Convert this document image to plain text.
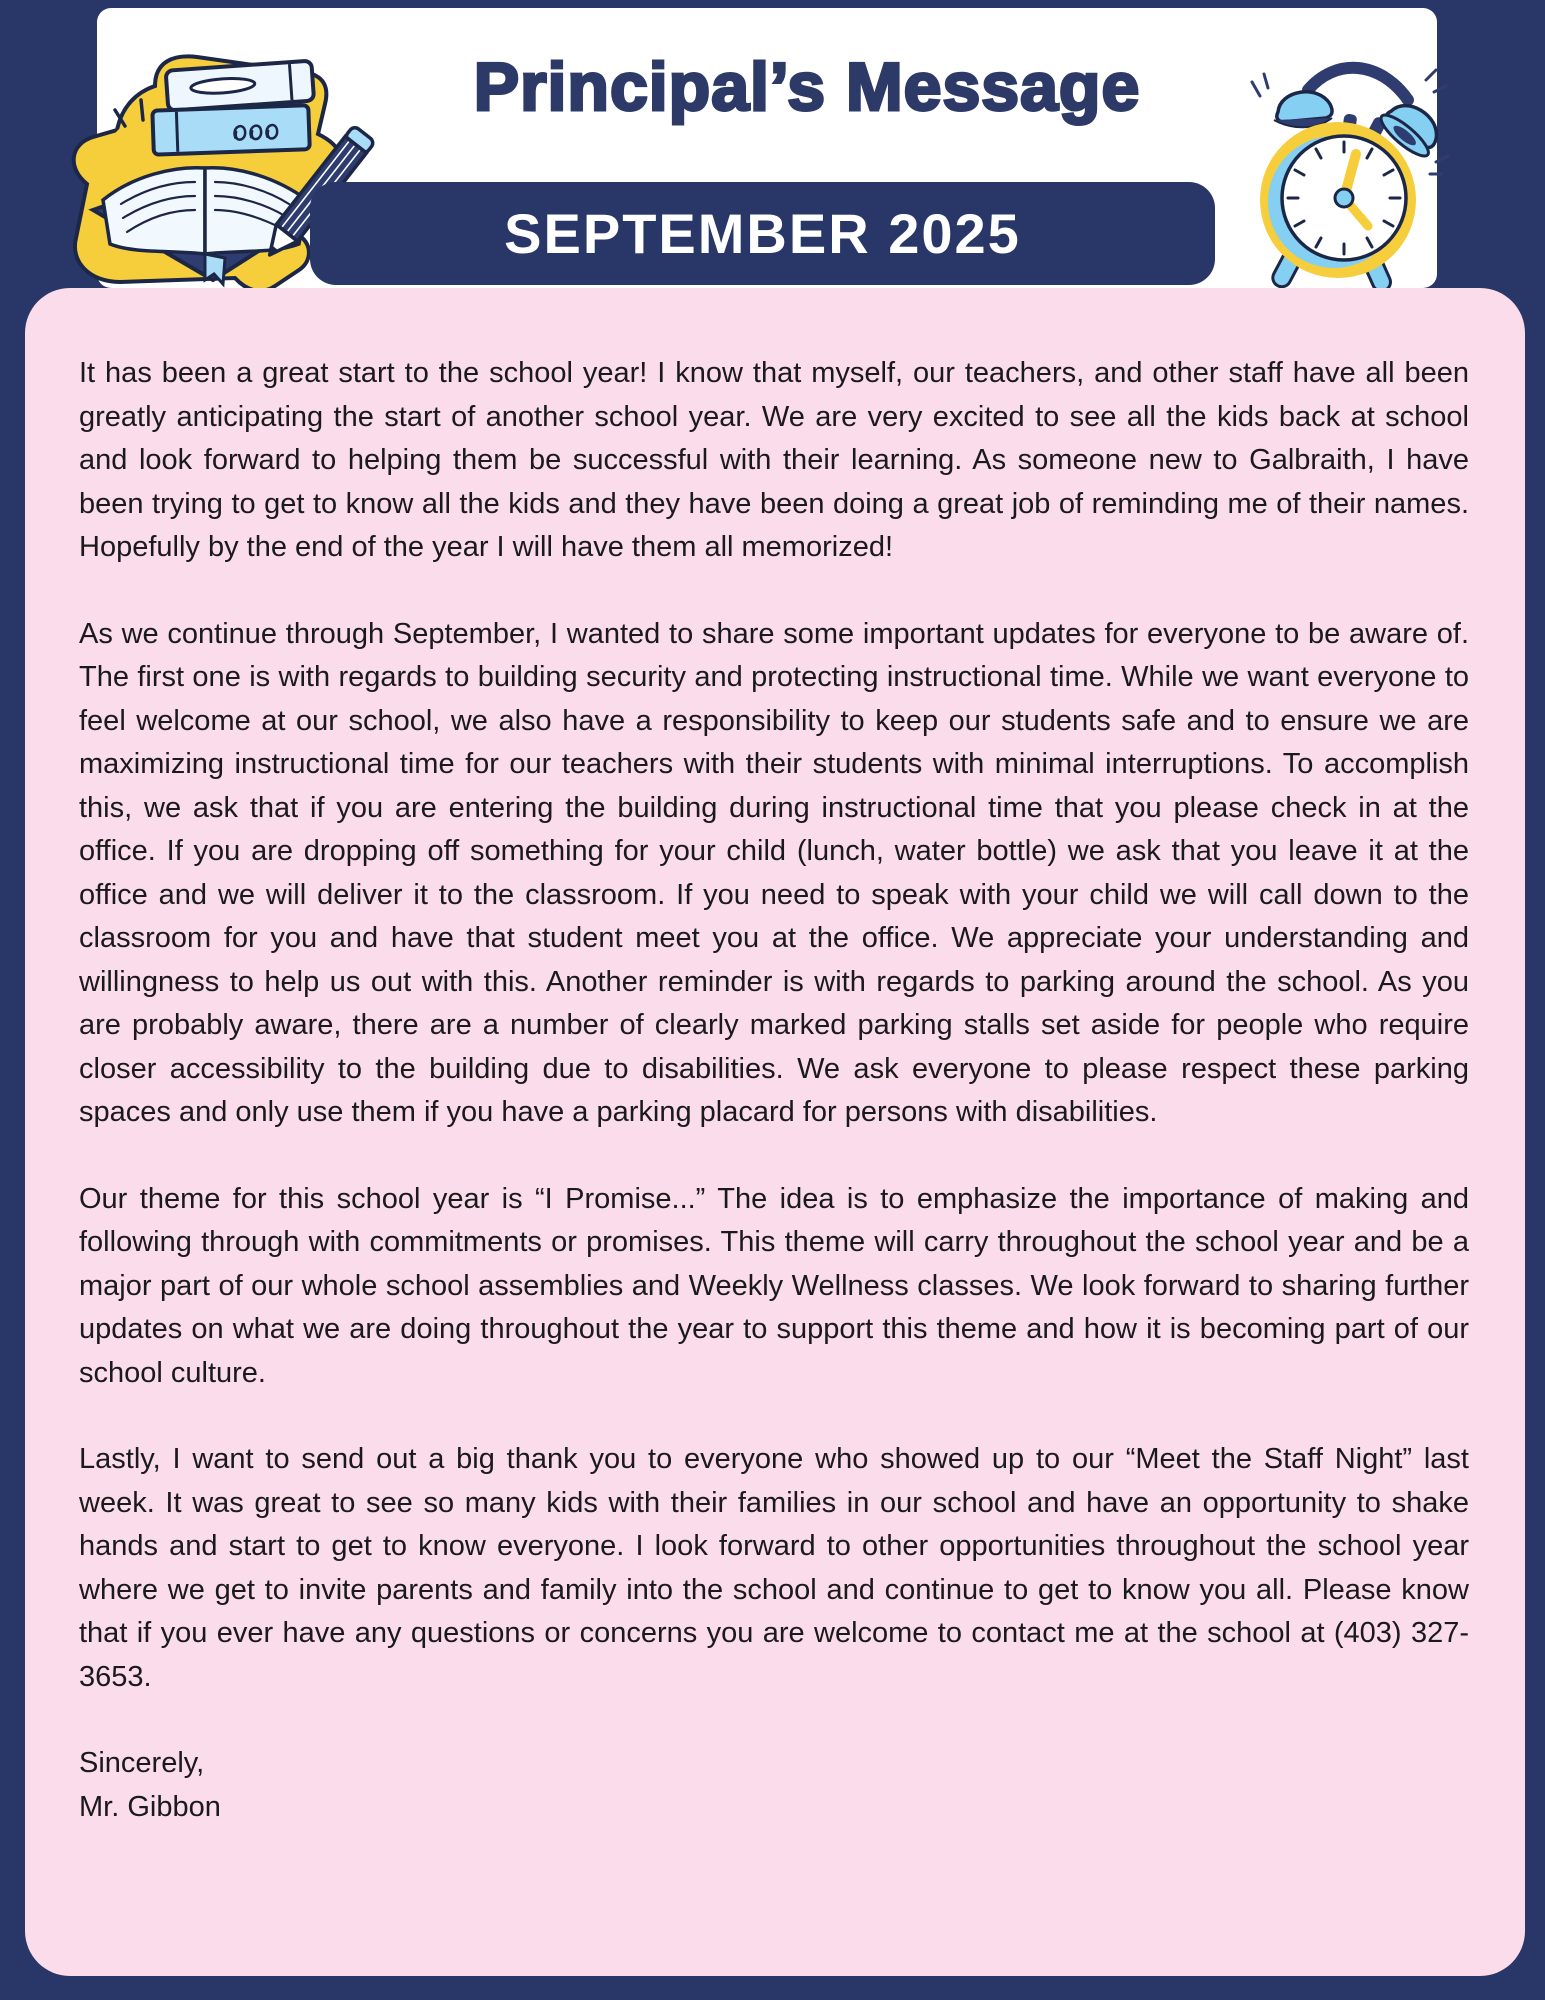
Principal’s Message
SEPTEMBER 2025

It has been a great start to the school year! I know that myself, our teachers, and other staff have all been greatly anticipating the start of another school year. We are very excited to see all the kids back at school and look forward to helping them be successful with their learning. As someone new to Galbraith, I have been trying to get to know all the kids and they have been doing a great job of reminding me of their names. Hopefully by the end of the year I will have them all memorized!

As we continue through September, I wanted to share some important updates for everyone to be aware of. The first one is with regards to building security and protecting instructional time. While we want everyone to feel welcome at our school, we also have a responsibility to keep our students safe and to ensure we are maximizing instructional time for our teachers with their students with minimal interruptions. To accomplish this, we ask that if you are entering the building during instructional time that you please check in at the office. If you are dropping off something for your child (lunch, water bottle) we ask that you leave it at the office and we will deliver it to the classroom. If you need to speak with your child we will call down to the classroom for you and have that student meet you at the office. We appreciate your understanding and willingness to help us out with this. Another reminder is with regards to parking around the school. As you are probably aware, there are a number of clearly marked parking stalls set aside for people who require closer accessibility to the building due to disabilities. We ask everyone to please respect these parking spaces and only use them if you have a parking placard for persons with disabilities.

Our theme for this school year is “I Promise...” The idea is to emphasize the importance of making and following through with commitments or promises. This theme will carry throughout the school year and be a major part of our whole school assemblies and Weekly Wellness classes. We look forward to sharing further updates on what we are doing throughout the year to support this theme and how it is becoming part of our school culture.

Lastly, I want to send out a big thank you to everyone who showed up to our “Meet the Staff Night” last week. It was great to see so many kids with their families in our school and have an opportunity to shake hands and start to get to know everyone. I look forward to other opportunities throughout the school year where we get to invite parents and family into the school and continue to get to know you all. Please know that if you ever have any questions or concerns you are welcome to contact me at the school at (403) 327-3653.

Sincerely,
Mr. Gibbon
